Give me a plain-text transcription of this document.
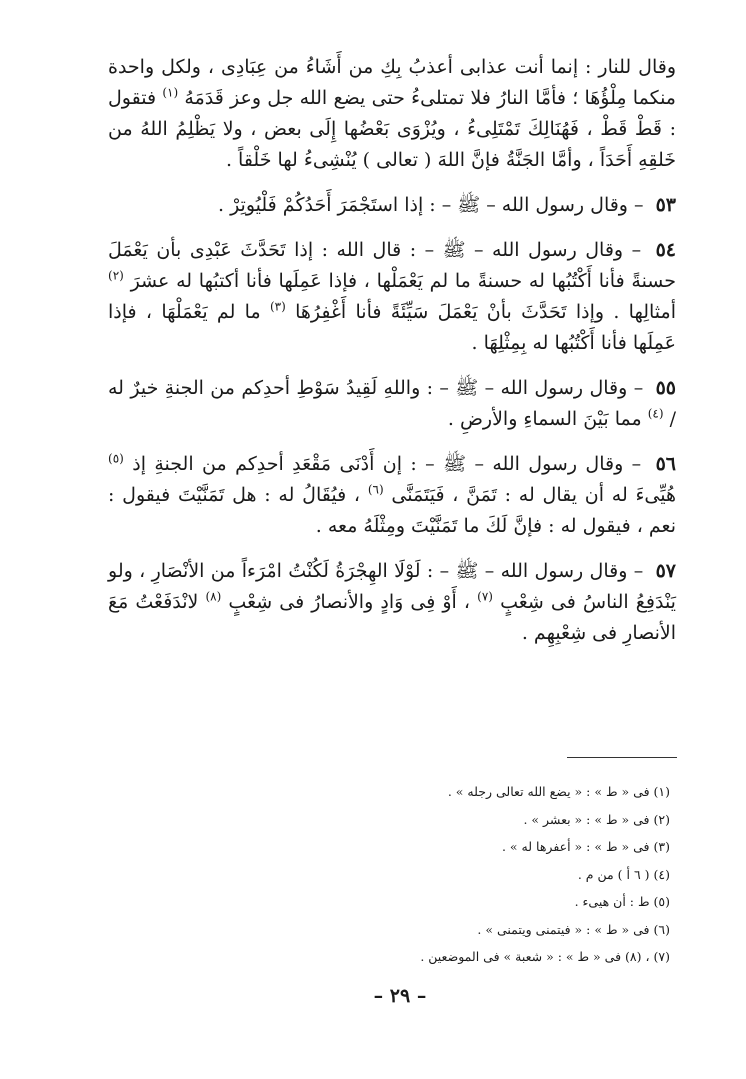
وقال للنار : إنما أنت عذابى أعذبُ بِكِ من أَشَاءُ من عِبَادِى ، ولكل واحدة منكما مِلْؤُهَا ؛ فأمَّا النارُ فلا تمتلىءُ حتى يضع الله جل وعز قَدَمَهُ $^{(١)}$ فتقول : قَطْ قَطْ ، فَهُنَالِكَ تَمْتَلِىءُ ، ويُزْوَى بَعْضُها إِلَى بعض ، ولا يَظْلِمُ اللهُ من خَلقِهِ أَحَدَاً ، وأمَّا الجَنَّةُ فإنَّ اللهَ ( تعالى ) يُنْشِىءُ لها خَلْقاً .

٥٣ – وقال رسول الله – ﷺ – : إذا استَجْمَرَ أَحَدُكُمْ فَلْيُوتِرْ .

٥٤ – وقال رسول الله – ﷺ – : قال الله : إذا تَحَدَّثَ عَبْدِى بأن يَعْمَلَ حسنةً فأنا أَكْتُبُها له حسنةً ما لم يَعْمَلْها ، فإذا عَمِلَها فأنا أكتبُها له عشرَ $^{(٢)}$ أمثالِها . وإذا تَحَدَّثَ بأنْ يَعْمَلَ سَيِّئَةً فأنا أَغْفِرُهَا $^{(٣)}$ ما لم يَعْمَلْهَا ، فإذا عَمِلَها فأنا أَكْتُبُها له بِمِثْلِهَا .

٥٥ – وقال رسول الله – ﷺ – : واللهِ لَقِيدُ سَوْطِ أحدِكم من الجنةِ خيرٌ له / $^{(٤)}$ مما بَيْنَ السماءِ والأرضِ .

٥٦ – وقال رسول الله – ﷺ – : إن أَدْنَى مَقْعَدِ أحدِكم من الجنةِ إذ $^{(٥)}$ هُيِّىءَ له أن يقال له : تَمَنَّ ، فَيَتَمَنَّى $^{(٦)}$ ، فيُقَالُ له : هل تَمَنَّيْتَ فيقول : نعم ، فيقول له : فإنَّ لَكَ ما تَمَنَّيْتَ ومِثْلَهُ معه .

٥٧ – وقال رسول الله – ﷺ – : لَوْلَا الهِجْرَةُ لَكُنْتُ امْرَءاً من الأنْصَارِ ، ولو يَنْدَفِعُ الناسُ فى شِعْبٍ $^{(٧)}$ ، أَوْ فِى وَادٍ والأنصارُ فى شِعْبٍ $^{(٨)}$ لانْدَفَعْتُ مَعَ الأنصارِ فى شِعْبِهِم .

(١) فى « ط » : « يضع الله تعالى رجله » .
(٢) فى « ط » : « بعشر » .
(٣) فى « ط » : « أعفرها له » .
(٤) ( ٦ أ ) من م .
(٥) ط : أن هيىء .
(٦) فى « ط » : « فيتمنى ويتمنى » .
(٧) ، (٨) فى « ط » : « شعبة » فى الموضعين .
– ٢٩ –
